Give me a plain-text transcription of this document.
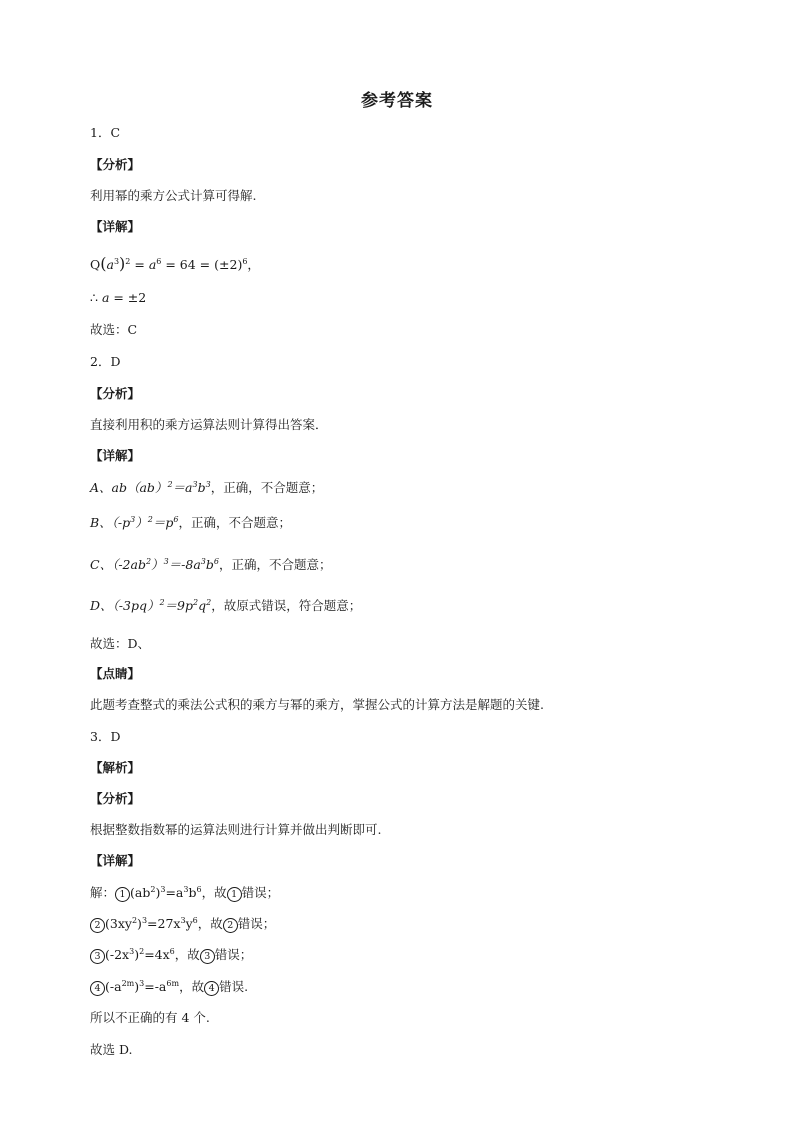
参考答案
1．C
【分析】
利用幂的乘方公式计算可得解.
【详解】
$Q(a^3)^2 = a^6 = 64 = (\pm 2)^6$，
∴ a = ±2
故选：C
2．D
【分析】
直接利用积的乘方运算法则计算得出答案．
【详解】
A、$ab(ab)^2=a^3b^3$，正确，不合题意；
B、$(-p^3)^2=p^6$，正确，不合题意；
C、$(-2ab^2)^3=-8a^3b^6$，正确，不合题意；
D、$(-3pq)^2=9p^2q^2$，故原式错误，符合题意；
故选：D、
【点睛】
此题考查整式的乘法公式积的乘方与幂的乘方，掌握公式的计算方法是解题的关键.
3．D
【解析】
【分析】
根据整数指数幂的运算法则进行计算并做出判断即可.
【详解】
解： 1 $(ab^2)^3=a^3b^6$，故 1 错误；
2 $(3xy^2)^3=27x^3y^6$，故 2 错误；
3 $(-2x^3)^2=4x^6$，故 3 错误；
4 $(-a^{2m})^3=-a^{6m}$，故 4 错误.
所以不正确的有 4 个.
故选 D.
